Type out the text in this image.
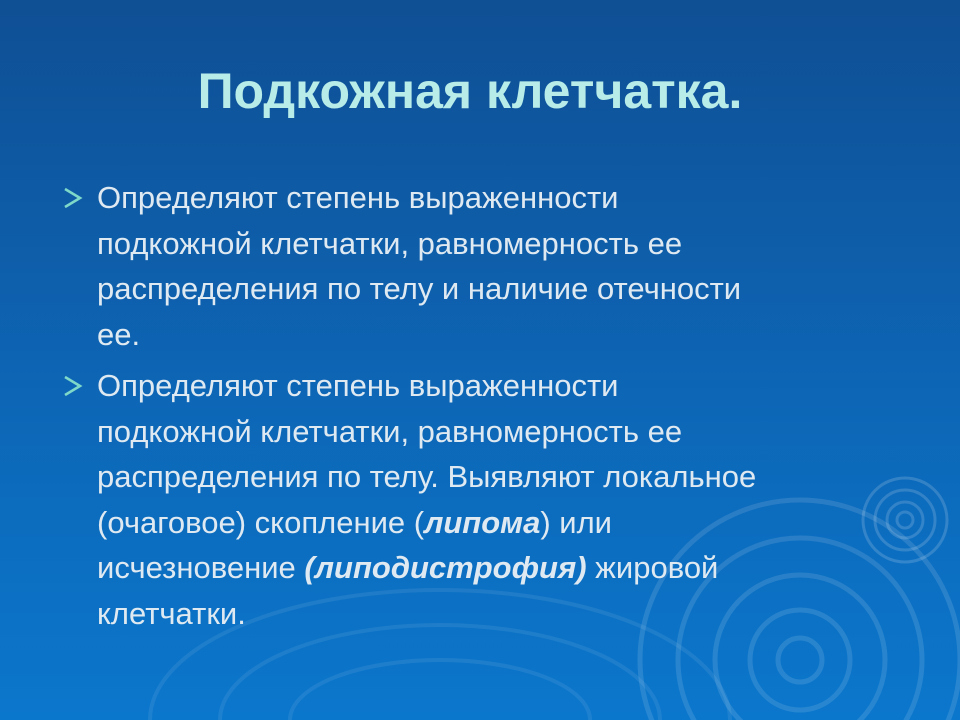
Подкожная клетчатка.
Определяют степень выраженности
подкожной клетчатки, равномерность ее
распределения по телу и наличие отечности
ее.
Определяют степень выраженности
подкожной клетчатки, равномерность ее
распределения по телу. Выявляют локальное
(очаговое) скопление (липома) или
исчезновение (липодистрофия) жировой
клетчатки.
